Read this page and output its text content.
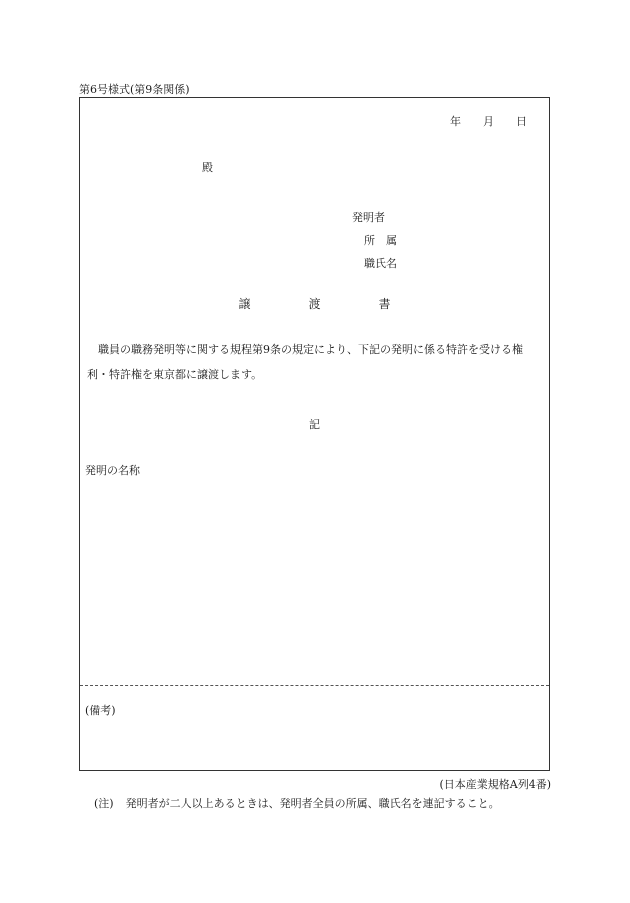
第6号様式(第9条関係)
年 月 日
殿
発明者
所　属
職氏名
譲	渡	書
　職員の職務発明等に関する規程第9条の規定により、下記の発明に係る特許を受ける権利・特許権を東京都に譲渡します。
記
発明の名称
(備考)
(日本産業規格A列4番)
(注) 発明者が二人以上あるときは、発明者全員の所属、職氏名を連記すること。
